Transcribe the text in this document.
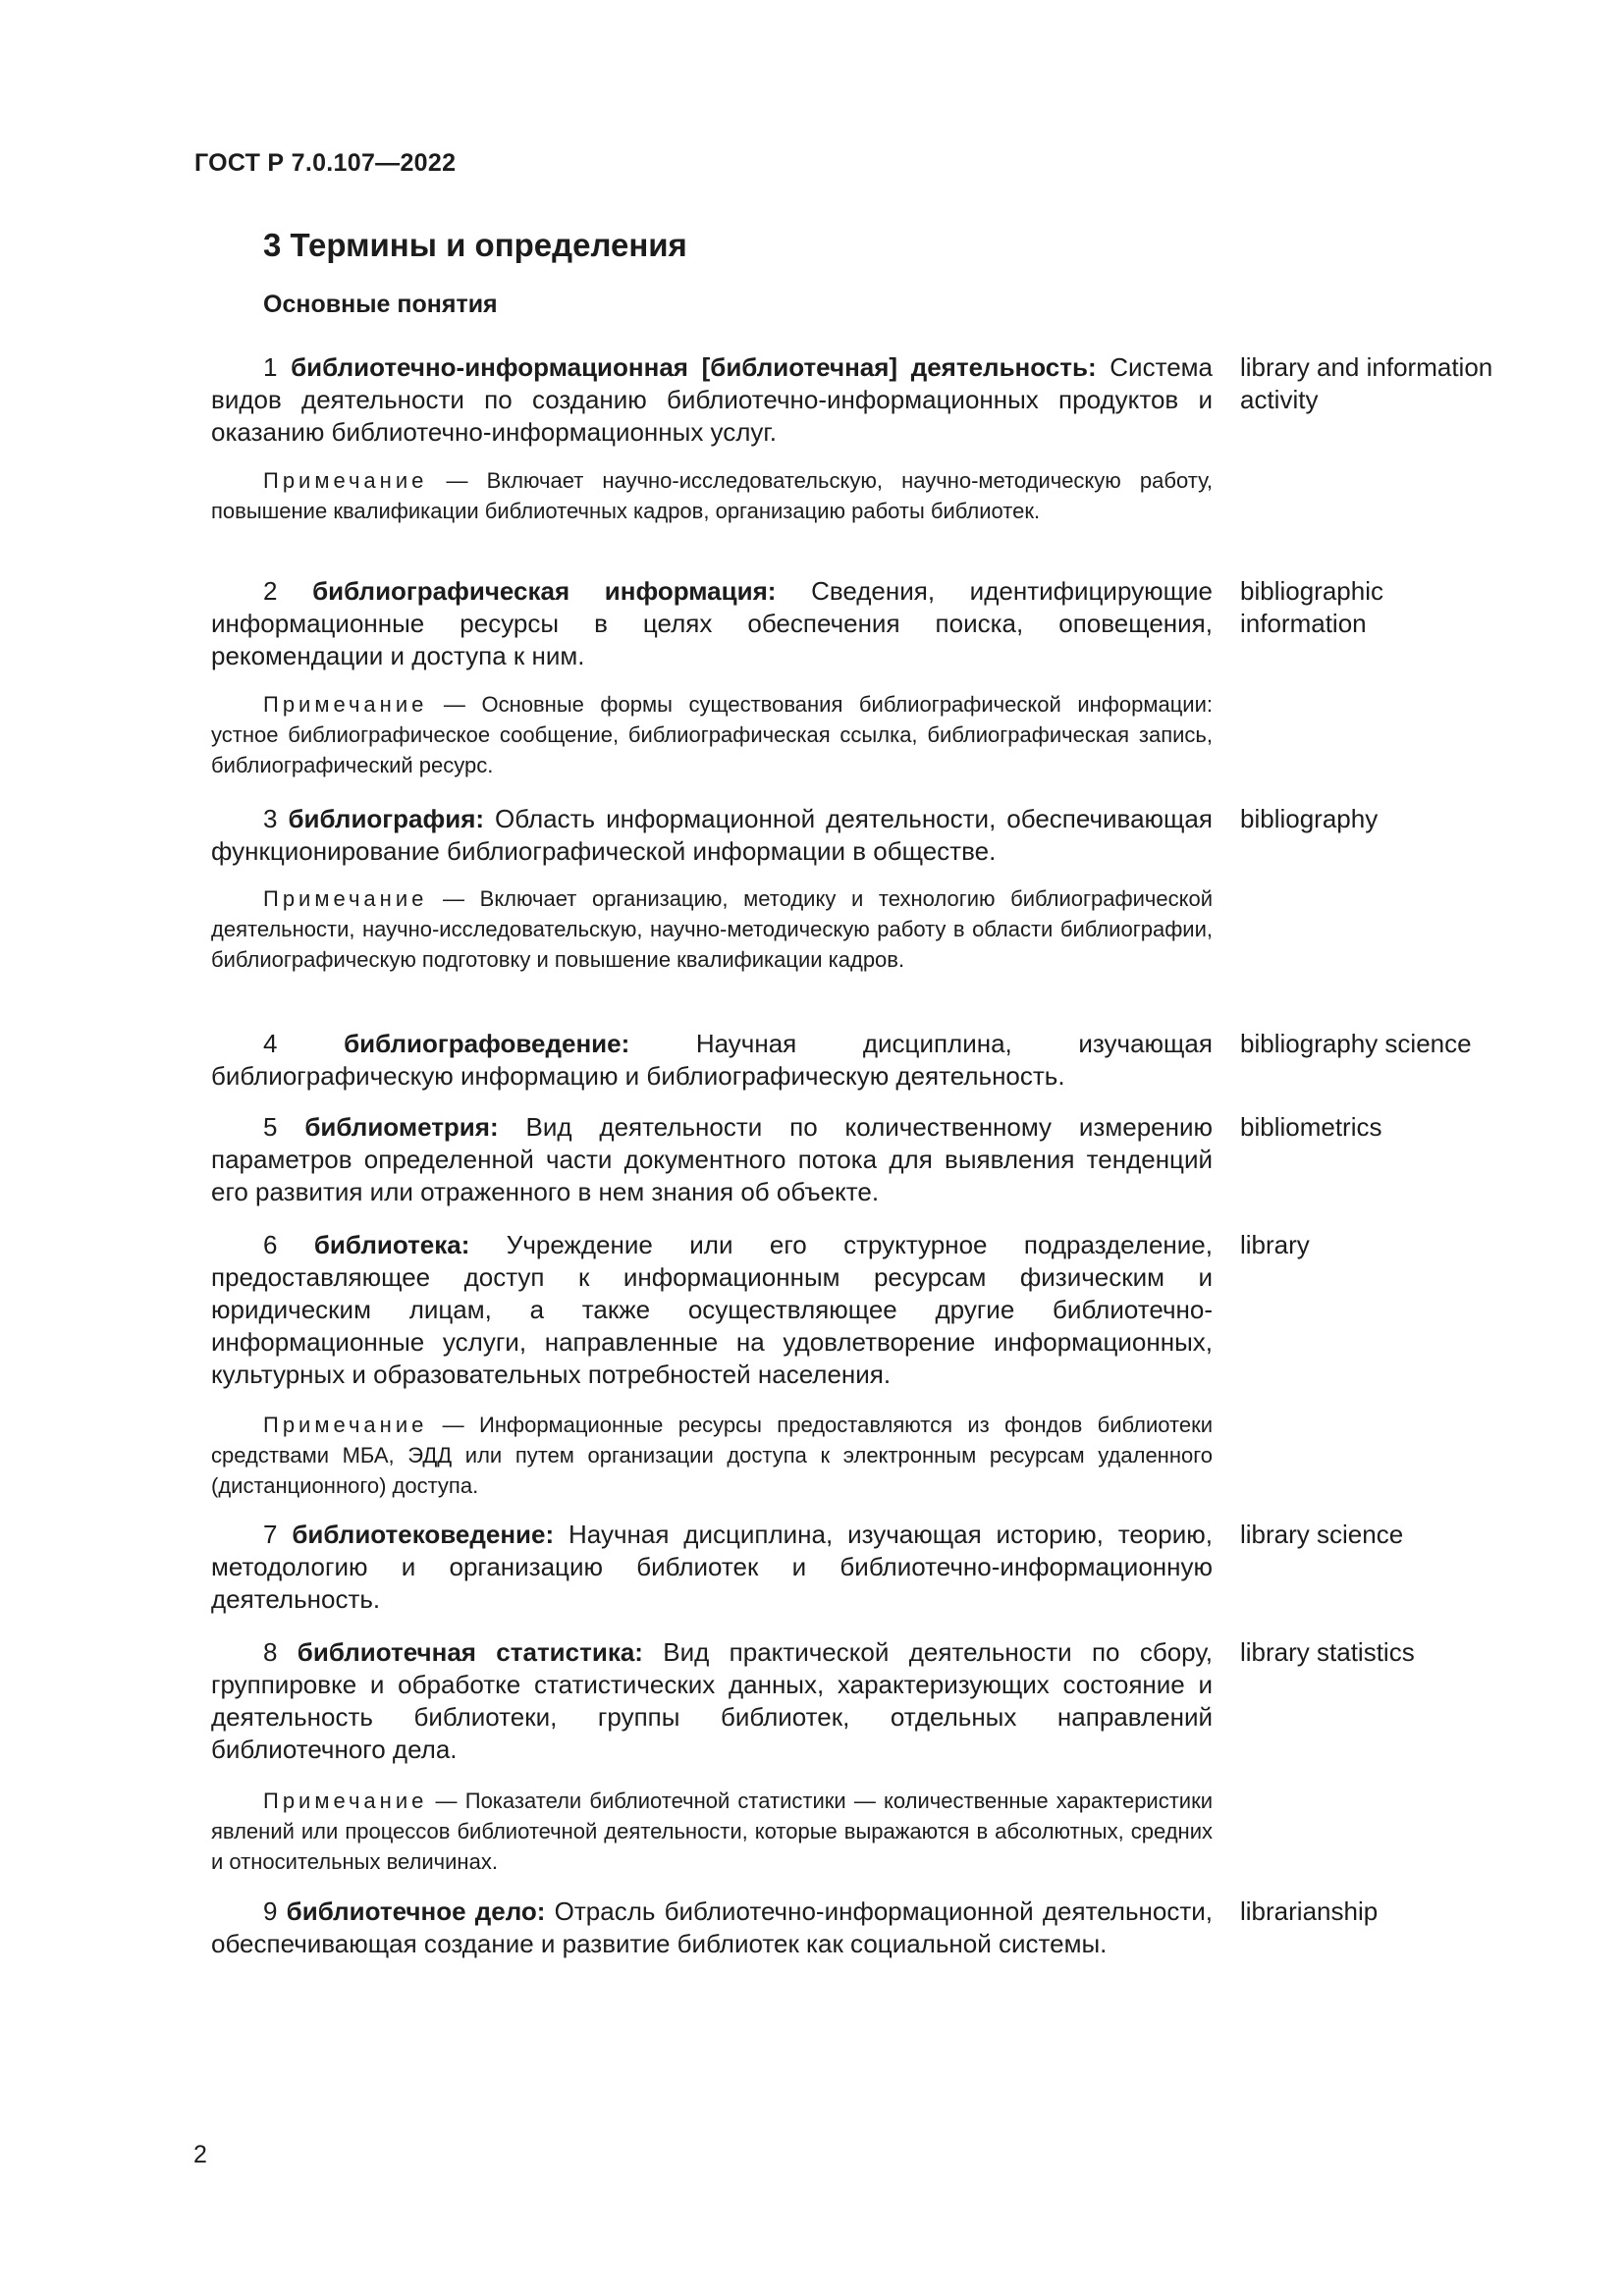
ГОСТ Р 7.0.107—2022
3 Термины и определения
Основные понятия
1 библиотечно-информационная [библиотечная] деятельность: Система видов деятельности по созданию библиотечно-информационных продуктов и оказанию библиотечно-информационных услуг.
library and information activity
Примечание — Включает научно-исследовательскую, научно-методическую работу, повышение квалификации библиотечных кадров, организацию работы библиотек.
2 библиографическая информация: Сведения, идентифицирующие информационные ресурсы в целях обеспечения поиска, оповещения, рекомендации и доступа к ним.
bibliographic information
Примечание — Основные формы существования библиографической информации: устное библиографическое сообщение, библиографическая ссылка, библиографическая запись, библиографический ресурс.
3 библиография: Область информационной деятельности, обеспечивающая функционирование библиографической информации в обществе.
bibliography
Примечание — Включает организацию, методику и технологию библиографической деятельности, научно-исследовательскую, научно-методическую работу в области библиографии, библиографическую подготовку и повышение квалификации кадров.
4	библиографоведение:	Научная дисциплина, изучающая библиографическую информацию и библиографическую деятельность.
bibliography science
5 библиометрия: Вид деятельности по количественному измерению параметров определенной части документного потока для выявления тенденций его развития или отраженного в нем знания об объекте.
bibliometrics
6 библиотека: Учреждение или его структурное подразделение, предоставляющее доступ к информационным ресурсам физическим и юридическим лицам, а также осуществляющее другие библиотечно-информационные услуги, направленные на удовлетворение информационных, культурных и образовательных потребностей населения.
library
Примечание — Информационные ресурсы предоставляются из фондов библиотеки средствами МБА, ЭДД или путем организации доступа к электронным ресурсам удаленного (дистанционного) доступа.
7 библиотековедение: Научная дисциплина, изучающая историю, теорию, методологию и организацию библиотек и библиотечно-информационную деятельность.
library science
8 библиотечная статистика: Вид практической деятельности по сбору, группировке и обработке статистических данных, характеризующих состояние и деятельность библиотеки, группы библиотек, отдельных направлений библиотечного дела.
library statistics
Примечание — Показатели библиотечной статистики — количественные характеристики явлений или процессов библиотечной деятельности, которые выражаются в абсолютных, средних и относительных величинах.
9 библиотечное дело: Отрасль библиотечно-информационной деятельности, обеспечивающая создание и развитие библиотек как социальной системы.
librarianship
2
